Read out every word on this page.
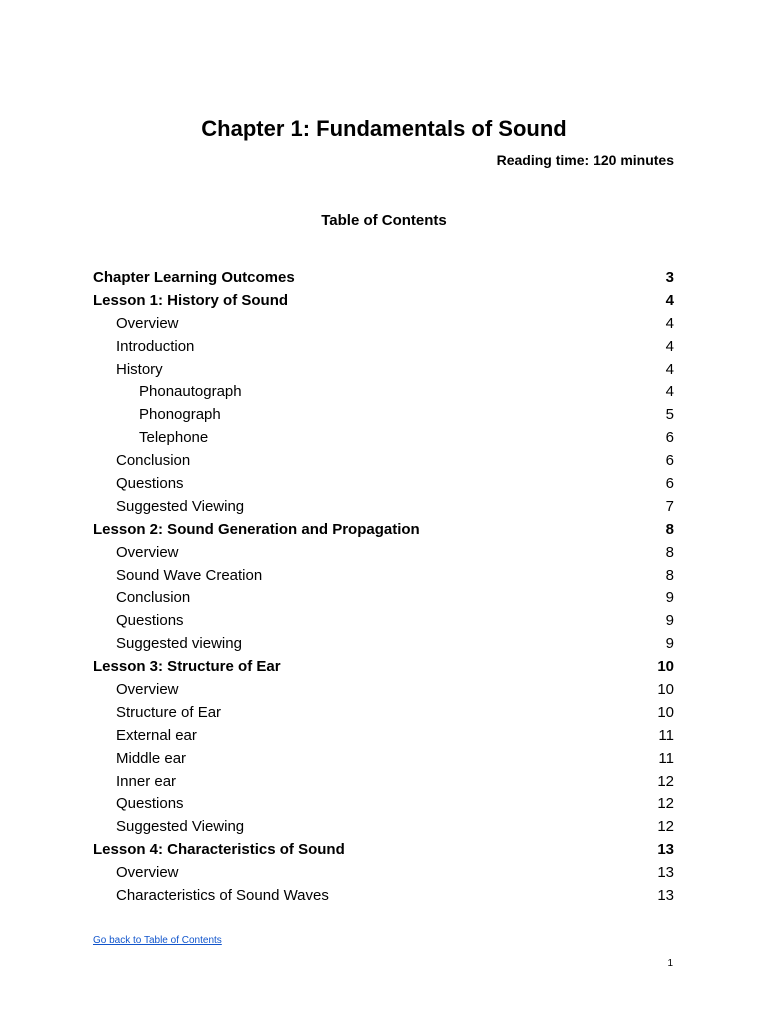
Chapter 1: Fundamentals of Sound
Reading time: 120 minutes
Table of Contents
Chapter Learning Outcomes	3
Lesson 1: History of Sound	4
Overview	4
Introduction	4
History	4
Phonautograph	4
Phonograph	5
Telephone	6
Conclusion	6
Questions	6
Suggested Viewing	7
Lesson 2: Sound Generation and Propagation	8
Overview	8
Sound Wave Creation	8
Conclusion	9
Questions	9
Suggested viewing	9
Lesson 3: Structure of Ear	10
Overview	10
Structure of Ear	10
External ear	11
Middle ear	11
Inner ear	12
Questions	12
Suggested Viewing	12
Lesson 4: Characteristics of Sound	13
Overview	13
Characteristics of Sound Waves	13
Go back to Table of Contents
1
